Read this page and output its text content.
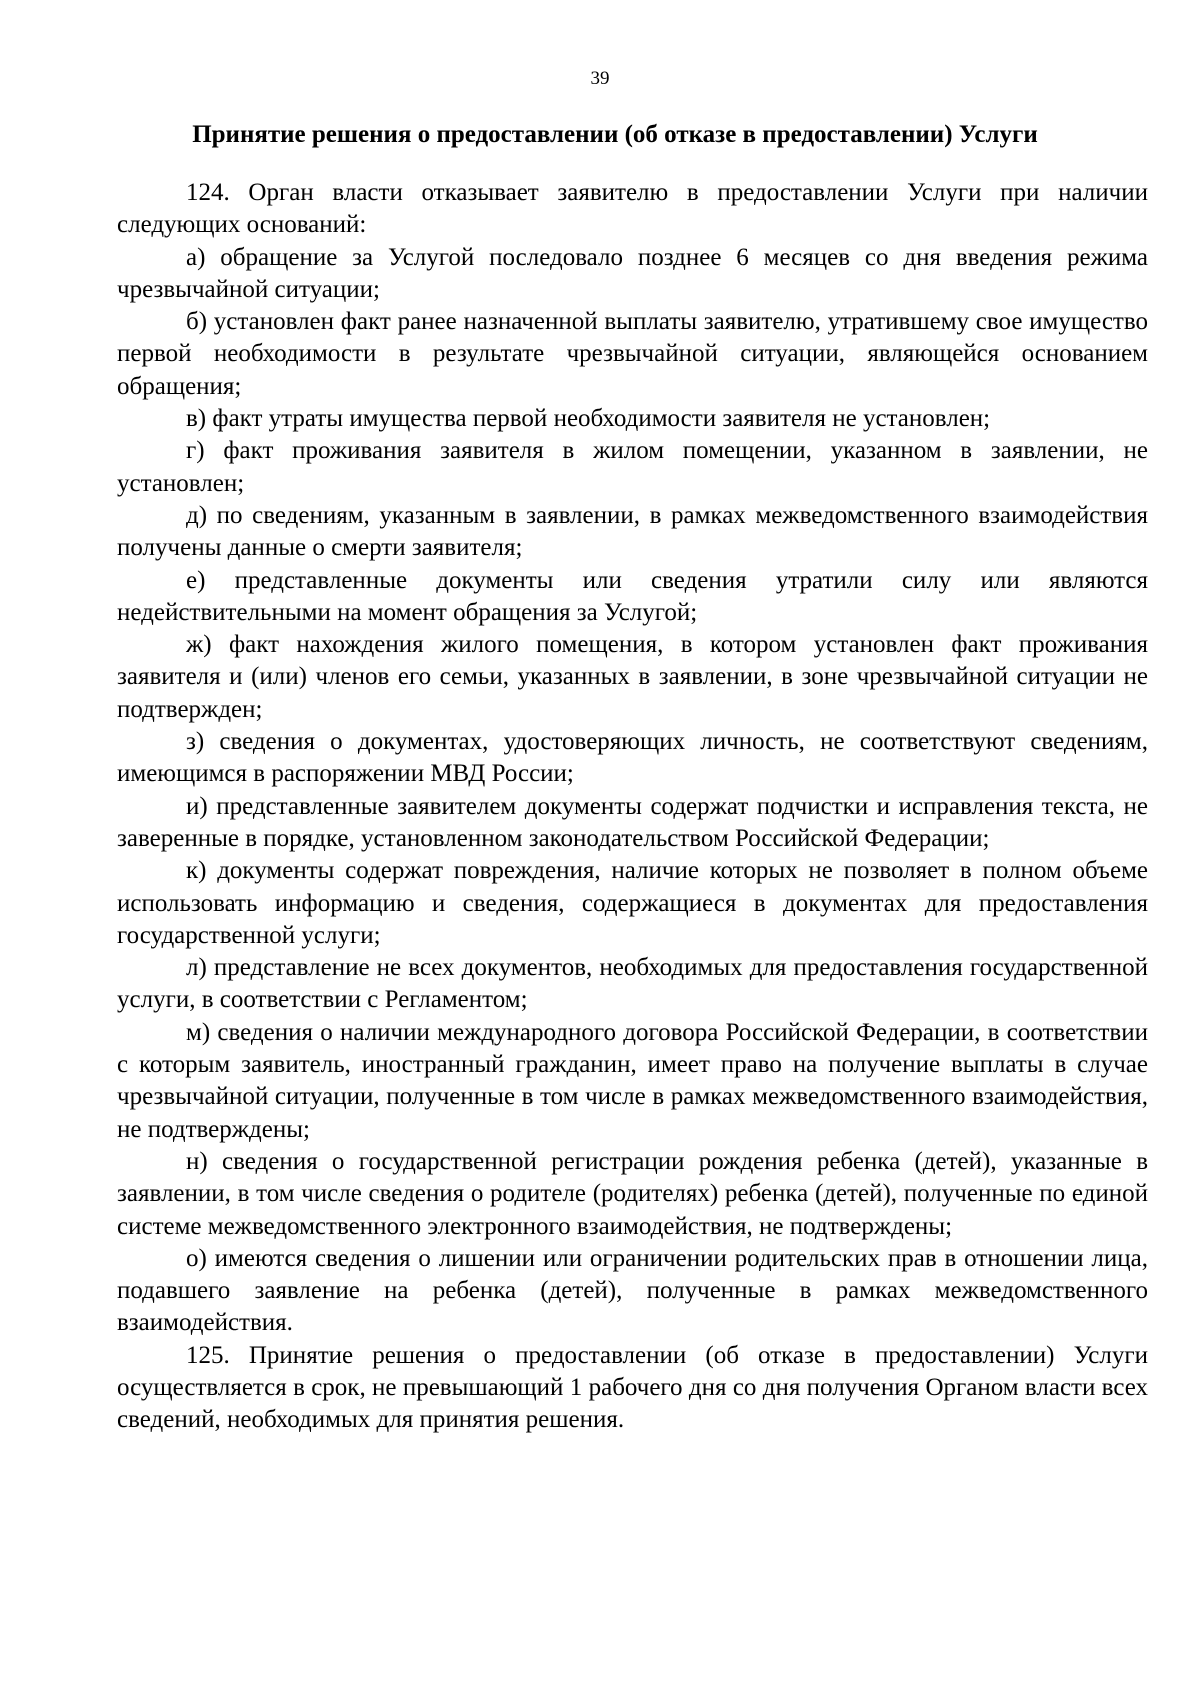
39
Принятие решения о предоставлении (об отказе в предоставлении) Услуги

124. Орган власти отказывает заявителю в предоставлении Услуги при наличии следующих оснований:

а) обращение за Услугой последовало позднее 6 месяцев со дня введения режима чрезвычайной ситуации;

б) установлен факт ранее назначенной выплаты заявителю, утратившему свое имущество первой необходимости в результате чрезвычайной ситуации, являющейся основанием обращения;

в) факт утраты имущества первой необходимости заявителя не установлен;

г) факт проживания заявителя в жилом помещении, указанном в заявлении, не установлен;

д) по сведениям, указанным в заявлении, в рамках межведомственного взаимодействия получены данные о смерти заявителя;

е) представленные документы или сведения утратили силу или являются недействительными на момент обращения за Услугой;

ж) факт нахождения жилого помещения, в котором установлен факт проживания заявителя и (или) членов его семьи, указанных в заявлении, в зоне чрезвычайной ситуации не подтвержден;

з) сведения о документах, удостоверяющих личность, не соответствуют сведениям, имеющимся в распоряжении МВД России;

и) представленные заявителем документы содержат подчистки и исправления текста, не заверенные в порядке, установленном законодательством Российской Федерации;

к) документы содержат повреждения, наличие которых не позволяет в полном объеме использовать информацию и сведения, содержащиеся в документах для предоставления государственной услуги;

л) представление не всех документов, необходимых для предоставления государственной услуги, в соответствии с Регламентом;

м) сведения о наличии международного договора Российской Федерации, в соответствии с которым заявитель, иностранный гражданин, имеет право на получение выплаты в случае чрезвычайной ситуации, полученные в том числе в рамках межведомственного взаимодействия, не подтверждены;

н) сведения о государственной регистрации рождения ребенка (детей), указанные в заявлении, в том числе сведения о родителе (родителях) ребенка (детей), полученные по единой системе межведомственного электронного взаимодействия, не подтверждены;

о) имеются сведения о лишении или ограничении родительских прав в отношении лица, подавшего заявление на ребенка (детей), полученные в рамках межведомственного взаимодействия.

125. Принятие решения о предоставлении (об отказе в предоставлении) Услуги осуществляется в срок, не превышающий 1 рабочего дня со дня получения Органом власти всех сведений, необходимых для принятия решения.
